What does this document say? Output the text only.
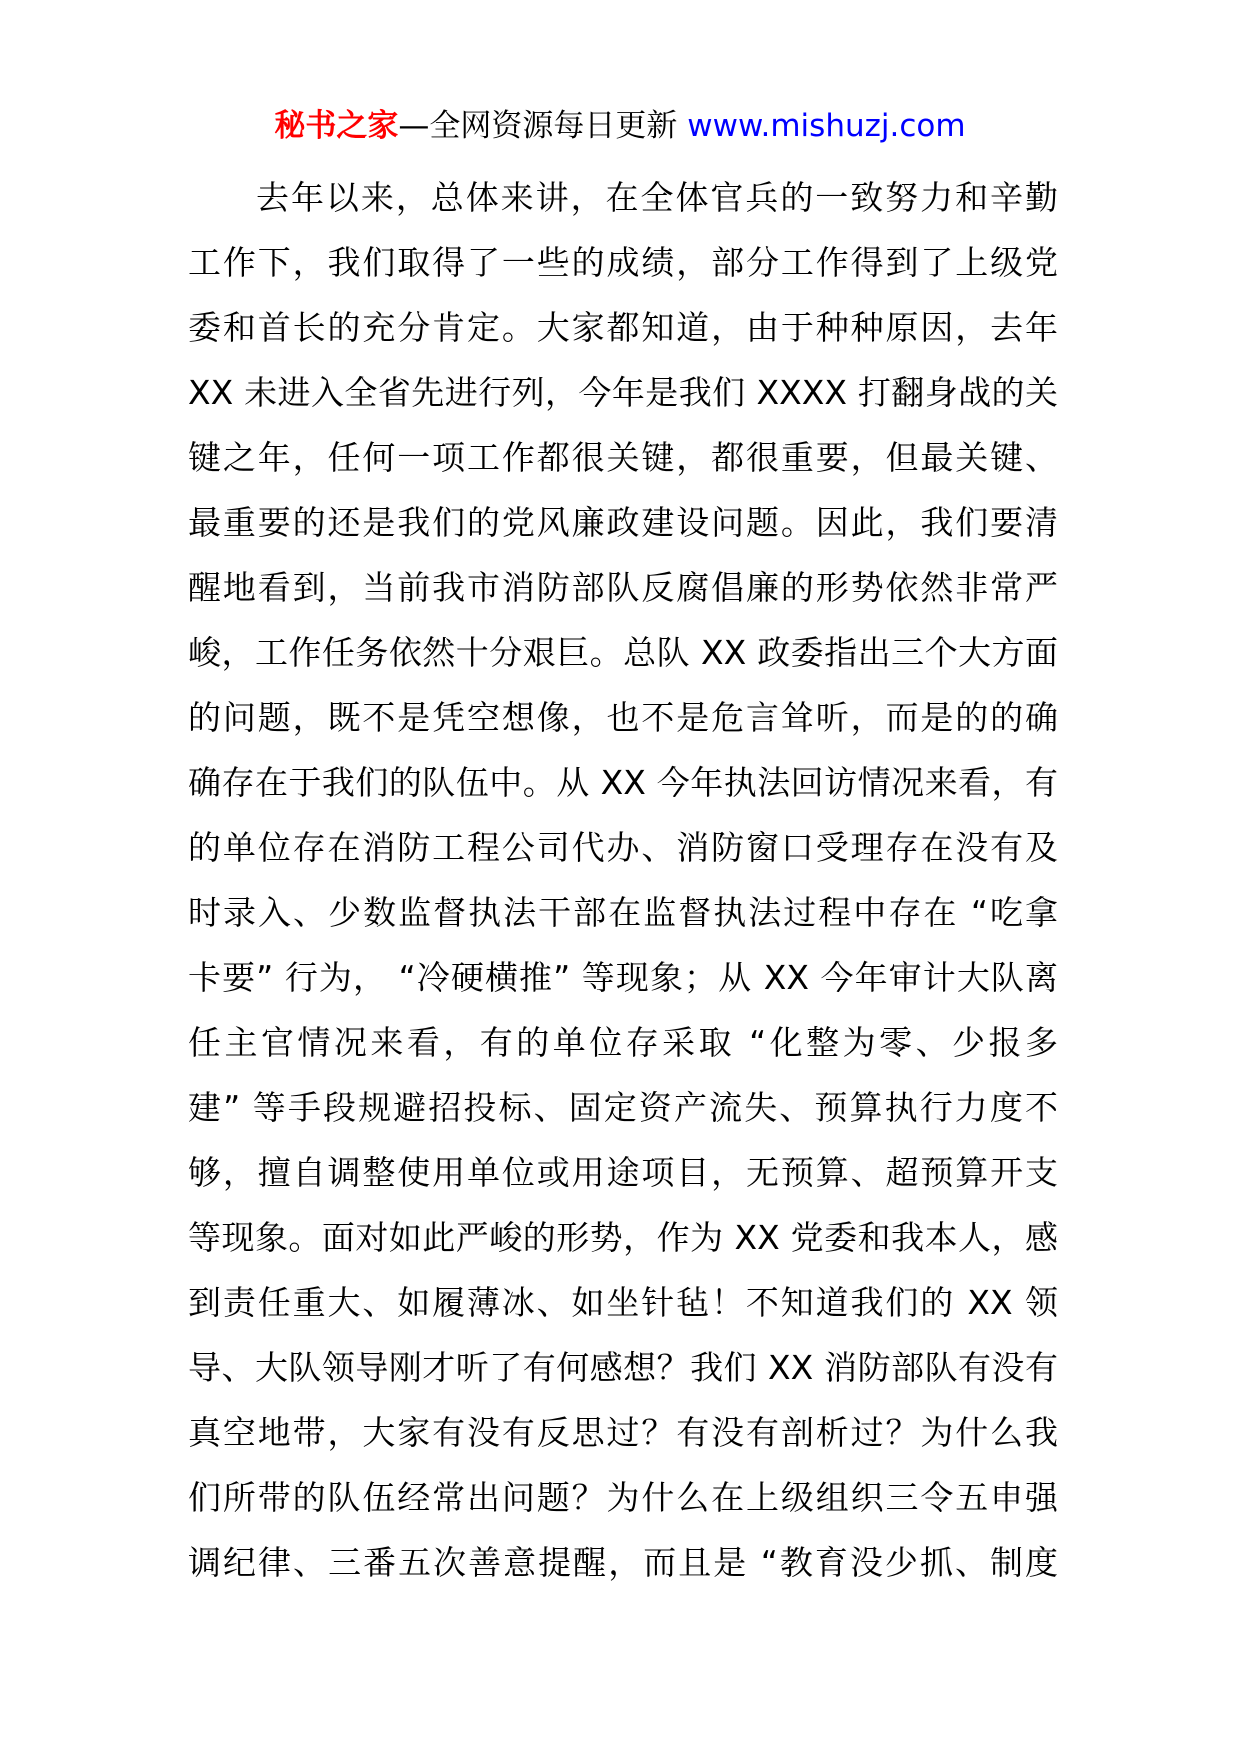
秘书之家—全网资源每日更新 www.mishuzj.com
去年以来，总体来讲，在全体官兵的一致努力和辛勤
工作下，我们取得了一些的成绩，部分工作得到了上级党
委和首长的充分肯定。大家都知道，由于种种原因，去年
XX 未进入全省先进行列，今年是我们 XXXX 打翻身战的关
键之年，任何一项工作都很关键，都很重要，但最关键、
最重要的还是我们的党风廉政建设问题。因此，我们要清
醒地看到，当前我市消防部队反腐倡廉的形势依然非常严
峻，工作任务依然十分艰巨。总队 XX 政委指出三个大方面
的问题，既不是凭空想像，也不是危言耸听，而是的的确
确存在于我们的队伍中。从 XX 今年执法回访情况来看，有
的单位存在消防工程公司代办、消防窗口受理存在没有及
时录入、少数监督执法干部在监督执法过程中存在 “吃拿
卡要” 行为， “冷硬横推” 等现象；从 XX 今年审计大队离
任主官情况来看，有的单位存采取 “化整为零、少报多
建” 等手段规避招投标、固定资产流失、预算执行力度不
够，擅自调整使用单位或用途项目，无预算、超预算开支
等现象。面对如此严峻的形势，作为 XX 党委和我本人，感
到责任重大、如履薄冰、如坐针毡！不知道我们的 XX 领
导、大队领导刚才听了有何感想？我们 XX 消防部队有没有
真空地带，大家有没有反思过？有没有剖析过？为什么我
们所带的队伍经常出问题？为什么在上级组织三令五申强
调纪律、三番五次善意提醒，而且是 “教育没少抓、制度
